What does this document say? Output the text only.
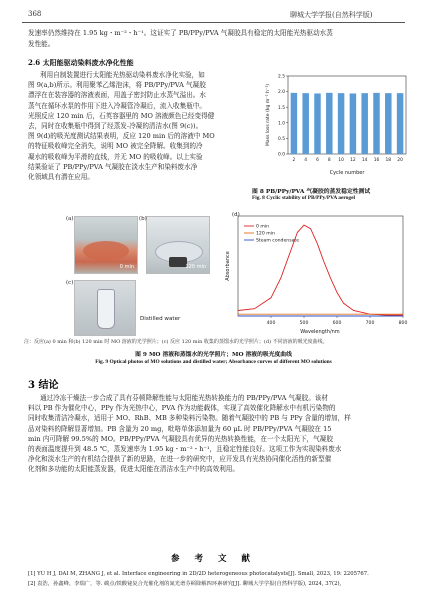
368	聊城大学学报(自然科学版)
发速率仍然维持在 1.95 kg・m⁻²・h⁻¹。这证实了 PB/PPy/PVA 气凝胶具有稳定的太阳能光热驱动水蒸
发性能。
2.6 太阳能驱动染料废水净化性能
利用自制装置进行太阳能光热驱动染料废水净化实验，如
图 9(a,b)所示。利用聚苯乙烯泡沫，将 PB/PPy/PVA 气凝胶
漂浮在在装容器的溶液表面，用盖子密封防止水蒸气溢出。水
蒸气在循环水泵的作用下进入冷凝管冷凝后，流入收集瓶中。
光照反应 120 min 后，石英容器里的 MO 溶液颜色已经变得健
去，同时在收集瓶中得到了经蒸发-冷凝的清洁水(图 9(c))。
图 9(d)的吸光度测试结果表明，反应 120 min 后的溶液中 MO
的特征吸收峰完全消失，说明 MO 被完全降解。收集到的冷
凝水的吸收峰为平滑的直线，并无 MO 的吸收峰。以上实验
结果验证了 PB/PPy/PVA 气凝胶在淡水生产和染料废水净
化领域具有潜在应用。
Mass loss rate (kg m⁻² h⁻¹)
Cycle number
0.0
0.5
1.0
1.5
2.0
2.5
2 4 6 8 10 12 14 16 18 20
图 8 PB/PPy/PVA 气凝胶的蒸发稳定性测试
Fig. 8 Cyclic stability of PB/PPy/PVA aerogel
0 min
(a)
120 min
(b)
(c)
Distilled water
Absorbance
Wavelength/nm
400	500	600	700	800
0 min
120 min
Steam condensate
(d)
注：反应(a) 0 min 和(b) 120 min 时 MO 溶液的光学照片；(c) 反应 120 min 收集的蒸馏水的光学照片；(d) 不同溶液的吸光度曲线。
图 9 MO 溶液和蒸馏水的光学照片；MO 溶液的吸光度曲线
Fig. 9 Optical photos of MO solutions and distilled water; Absorbance curves of different MO solutions
3 结论
通过冷冻干燥法一步合成了具有芬顿降解性能与太阳能光热转换能力的 PB/PPy/PVA 气凝胶。该材
料以 PB 作为催化中心，PPy 作为光热中心，PVA 作为功能载体，实现了高效催化降解水中有机污染物的
同时收集清洁冷凝水，适用于 MO、RhB、MB 多种染料污染物。随着气凝胶中的 PB 与 PPy 含量的增加，样
品对染料的降解显著增加。PB 含量为 20 mg，吡咯单体添加量为 60 μL 时 PB/PPy/PVA 气凝胶在 15
min 内可降解 99.5%的 MO。PB/PPy/PVA 气凝胶具有优异的光热转换性能，在一个太阳光下，气凝胶
的表面温度提升到 48.5 ℃，蒸发速率为 1.95 kg・m⁻²・h⁻¹，且稳定性能良好。这项工作为实现染料废水
净化和淡水生产的有机结合提供了新的思路，在进一步的研究中，应开发具有光热协同催化活性的新型催
化剂和多功能的太阳能蒸发器，促进太阳能在清洁水生产中的高效利用。
参 考 文 献
[1] YU H J, DAI M, ZHANG J, et al. Interface engineering in 2D/2D heterogeneous photocatalysts[J]. Small, 2023, 19: 2205767.
[2] 袁浩，孙鑫峰，李瑞广，等. 碳点/铁酸铋复合光催化剂的氮光谱芬顿降解四环素研究[J]. 聊城大学学报(自然科学版), 2024, 37(2),
